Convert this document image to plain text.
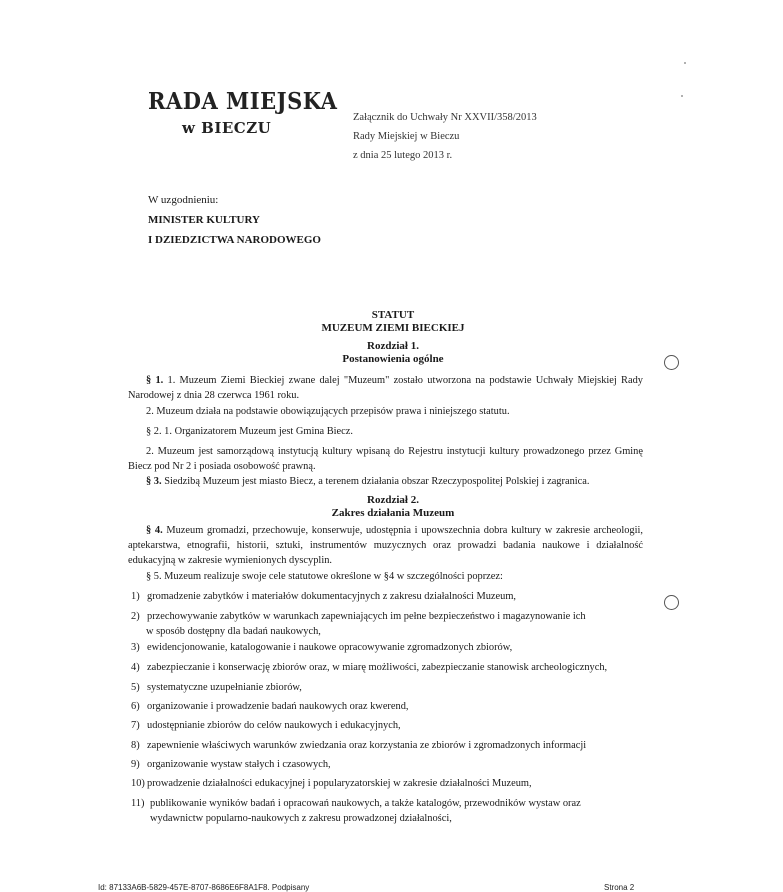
RADA MIEJSKA
w BIECZU
Załącznik do Uchwały Nr XXVII/358/2013
Rady Miejskiej w Bieczu
z dnia 25 lutego 2013 r.
W uzgodnieniu:
MINISTER KULTURY
I DZIEDZICTWA NARODOWEGO
STATUT
MUZEUM ZIEMI BIECKIEJ
Rozdział 1.
Postanowienia ogólne
§ 1. 1. Muzeum Ziemi Bieckiej zwane dalej "Muzeum" zostało utworzona na podstawie Uchwały Miejskiej Rady Narodowej z dnia 28 czerwca 1961 roku.
2. Muzeum działa na podstawie obowiązujących przepisów prawa i niniejszego statutu.
§ 2. 1. Organizatorem Muzeum jest Gmina Biecz.
2. Muzeum jest samorządową instytucją kultury wpisaną do Rejestru instytucji kultury prowadzonego przez Gminę Biecz pod Nr 2 i posiada osobowość prawną.
§ 3. Siedzibą Muzeum jest miasto Biecz, a terenem działania obszar Rzeczypospolitej Polskiej i zagranica.
Rozdział 2.
Zakres działania Muzeum
§ 4. Muzeum gromadzi, przechowuje, konserwuje, udostępnia i upowszechnia dobra kultury w zakresie archeologii, aptekarstwa, etnografii, historii, sztuki, instrumentów muzycznych oraz prowadzi badania naukowe i działalność edukacyjną w zakresie wymienionych dyscyplin.
§ 5. Muzeum realizuje swoje cele statutowe określone w §4 w szczególności poprzez:
1) gromadzenie zabytków i materiałów dokumentacyjnych z zakresu działalności Muzeum,
2) przechowywanie zabytków w warunkach zapewniających im pełne bezpieczeństwo i magazynowanie ich
w sposób dostępny dla badań naukowych,
3) ewidencjonowanie, katalogowanie i naukowe opracowywanie zgromadzonych zbiorów,
4) zabezpieczanie i konserwację zbiorów oraz, w miarę możliwości, zabezpieczanie stanowisk archeologicznych,
5) systematyczne uzupełnianie zbiorów,
6) organizowanie i prowadzenie badań naukowych oraz kwerend,
7) udostępnianie zbiorów do celów naukowych i edukacyjnych,
8) zapewnienie właściwych warunków zwiedzania oraz korzystania ze zbiorów i zgromadzonych informacji
9) organizowanie wystaw stałych i czasowych,
10) prowadzenie działalności edukacyjnej i popularyzatorskiej w zakresie działalności Muzeum,
11) publikowanie wyników badań i opracowań naukowych, a także katalogów, przewodników wystaw oraz
wydawnictw popularno-naukowych z zakresu prowadzonej działalności,
Id: 87133A6B-5829-457E-8707-8686E6F8A1F8. Podpisany	Strona 2
